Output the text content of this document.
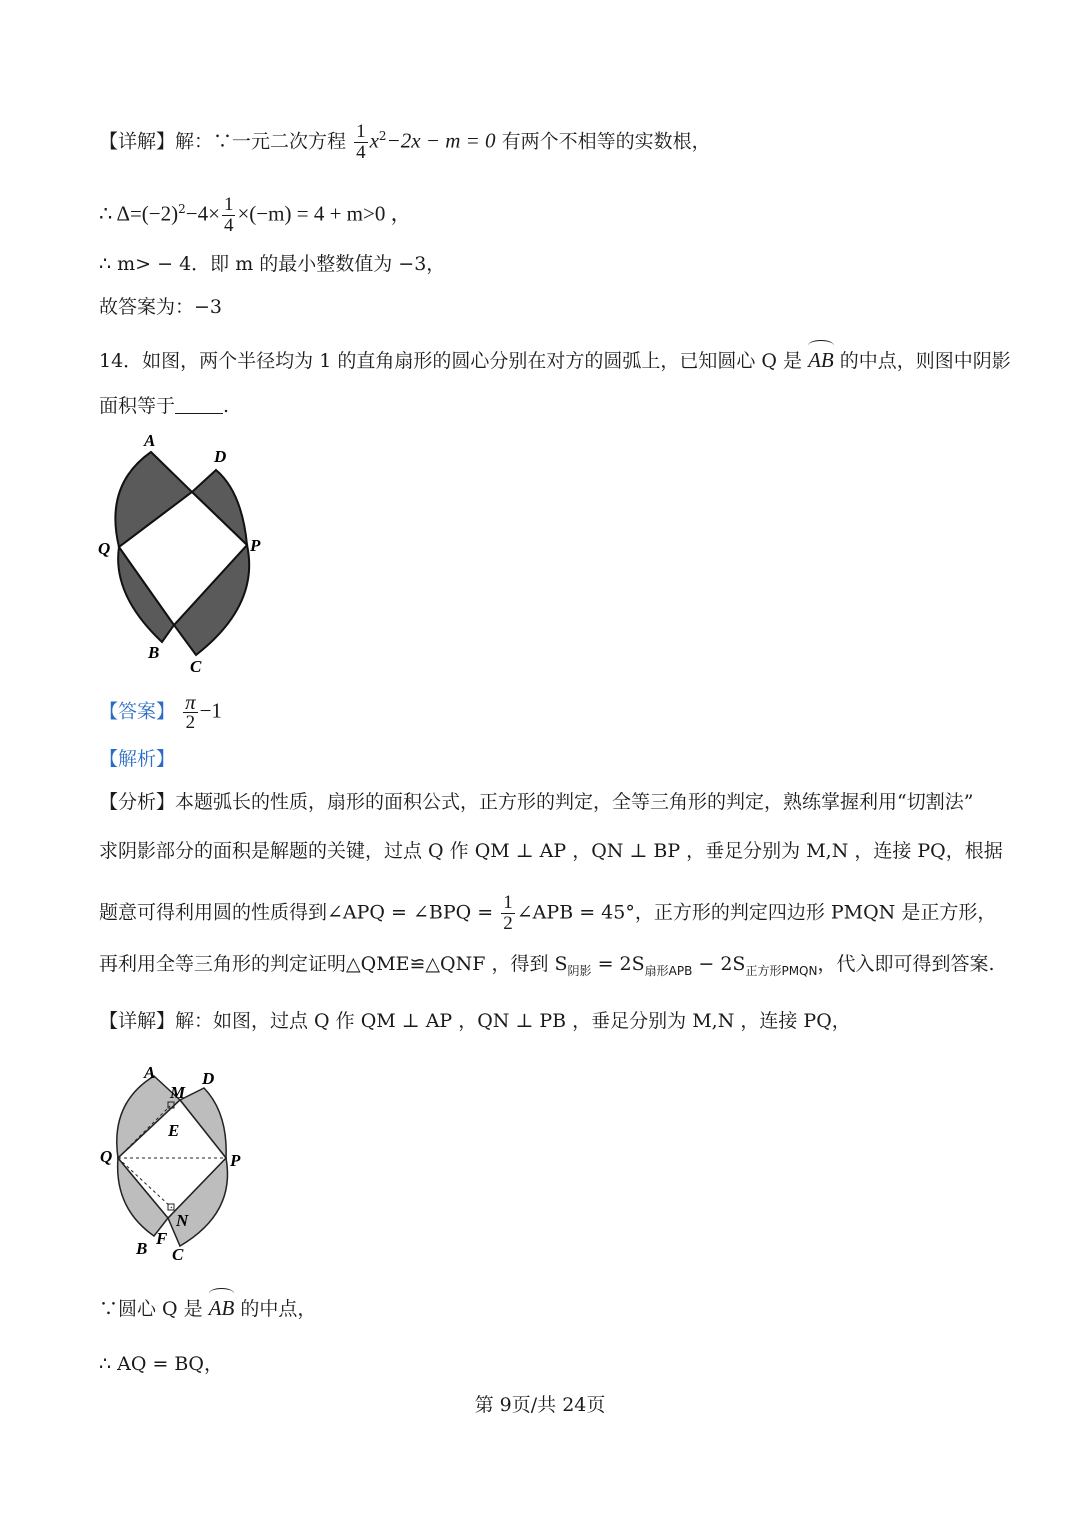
【详解】解：∵一元二次方程 $\frac{1}{4} x^2-2x - m = 0$ 有两个不相等的实数根，
∴ $\Delta=(-2)^2-4\times \frac{1}{4} \times(-m) = 4 + m>0$ ，
∴ m> − 4．即 m 的最小整数值为 −3，
故答案为：−3
14．如图，两个半径均为 1 的直角扇形的圆心分别在对方的圆弧上，已知圆心 Q 是 AB 的中点，则图中阴影
面积等于	.
A
D
Q	P
B
C
【答案】 $\frac{\pi}{2} -1$
【解析】
【分析】本题弧长的性质，扇形的面积公式，正方形的判定，全等三角形的判定，熟练掌握利用“切割法”
求阴影部分的面积是解题的关键，过点 Q 作 QM ⊥ AP ，QN ⊥ BP ，垂足分别为 M,N ，连接 PQ，根据
题意可得利用圆的性质得到∠APQ = ∠BPQ = $\frac{1}{2}$ ∠APB = 45°，正方形的判定四边形 PMQN 是正方形，
再利用全等三角形的判定证明△QME≌△QNF ，得到 $S_{阴影} = 2S_{扇形APB} - 2S_{正方形PMQN}$，代入即可得到答案.
【详解】解：如图，过点 Q 作 QM ⊥ AP ，QN ⊥ PB ，垂足分别为 M,N ，连接 PQ，
A
M
D
E
Q	P
N
F
B C
∵圆心 Q 是 AB 的中点，
∴ AQ = BQ，
第 9页/共 24页
